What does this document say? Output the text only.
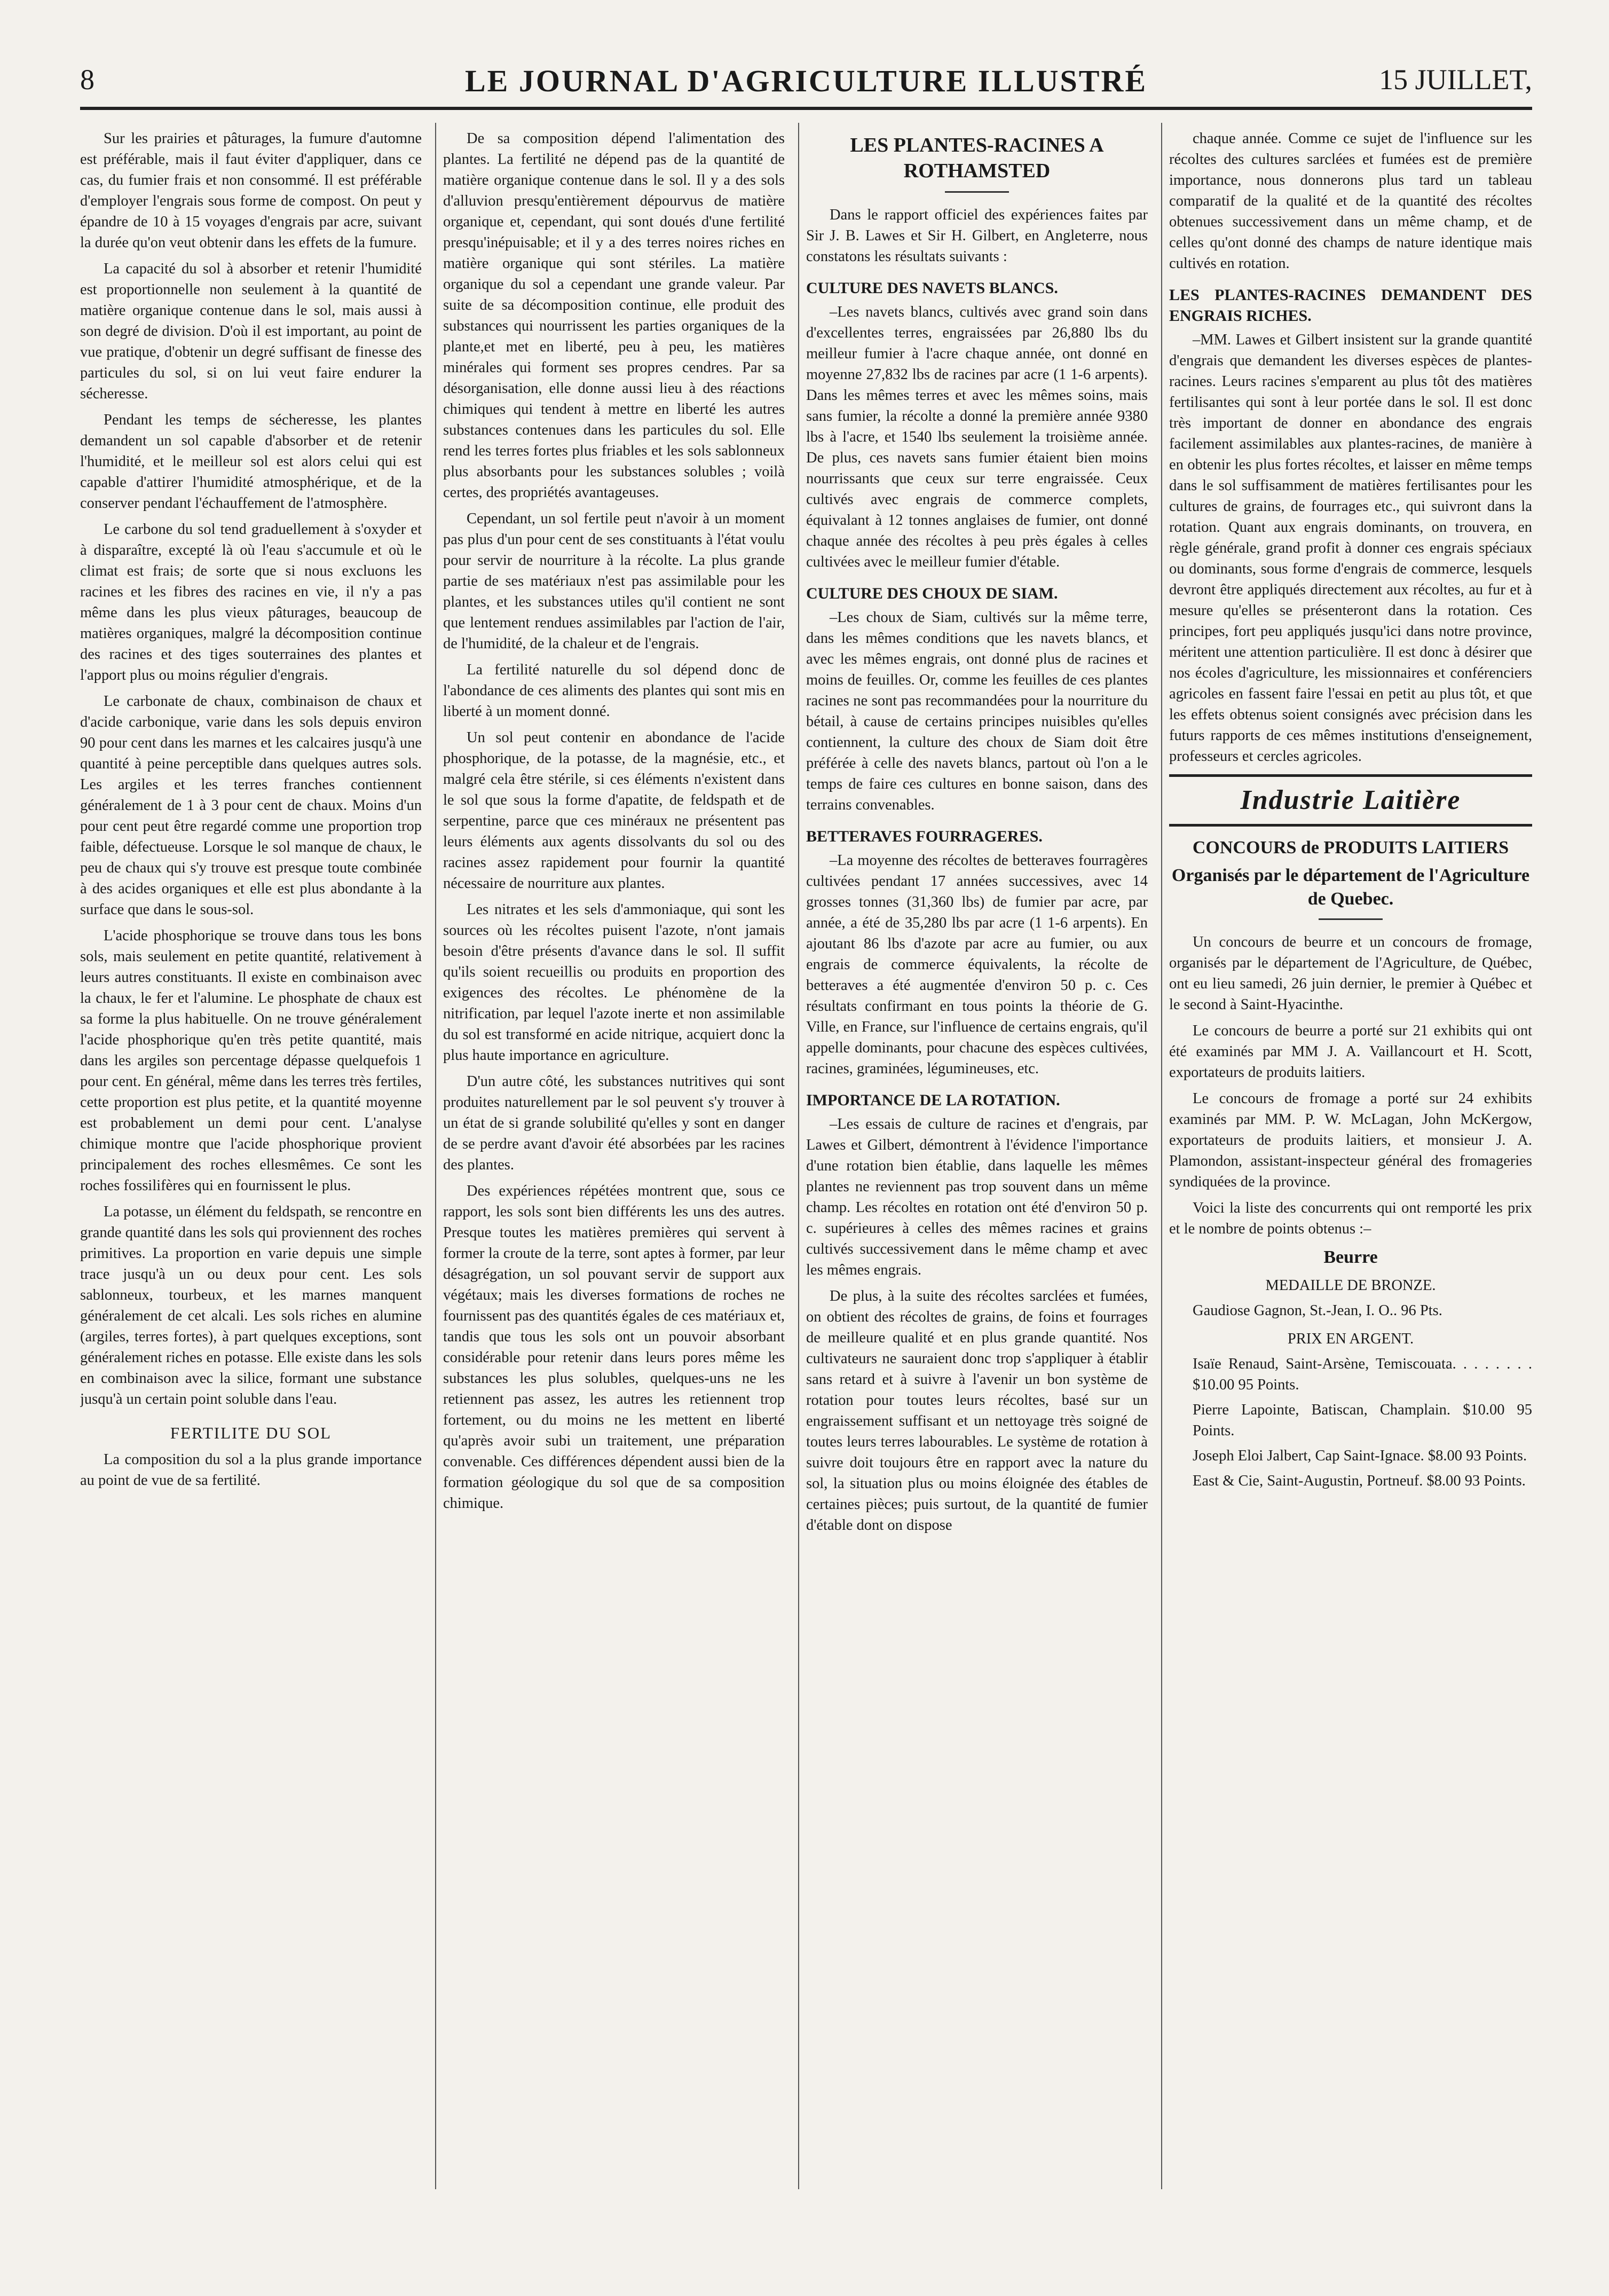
8	LE JOURNAL D'AGRICULTURE ILLUSTRÉ	15 JUILLET,

Sur les prairies et pâturages, la fumure d'automne est préférable, mais il faut éviter d'appliquer, dans ce cas, du fumier frais et non consommé. Il est préférable d'employer l'engrais sous forme de compost. On peut y épandre de 10 à 15 voyages d'engrais par acre, suivant la durée qu'on veut obtenir dans les effets de la fumure.

La capacité du sol à absorber et retenir l'humidité est proportionnelle non seulement à la quantité de matière organique contenue dans le sol, mais aussi à son degré de division. D'où il est important, au point de vue pratique, d'obtenir un degré suffisant de finesse des particules du sol, si on lui veut faire endurer la sécheresse.

Pendant les temps de sécheresse, les plantes demandent un sol capable d'absorber et de retenir l'humidité, et le meilleur sol est alors celui qui est capable d'attirer l'humidité atmosphérique, et de la conserver pendant l'échauffement de l'atmosphère.

Le carbone du sol tend graduellement à s'oxyder et à disparaître, excepté là où l'eau s'accumule et où le climat est frais; de sorte que si nous excluons les racines et les fibres des racines en vie, il n'y a pas même dans les plus vieux pâturages, beaucoup de matières organiques, malgré la décomposition continue des racines et des tiges souterraines des plantes et l'apport plus ou moins régulier d'engrais.

Le carbonate de chaux, combinaison de chaux et d'acide carbonique, varie dans les sols depuis environ 90 pour cent dans les marnes et les calcaires jusqu'à une quantité à peine perceptible dans quelques autres sols. Les argiles et les terres franches contiennent généralement de 1 à 3 pour cent de chaux. Moins d'un pour cent peut être regardé comme une proportion trop faible, défectueuse. Lorsque le sol manque de chaux, le peu de chaux qui s'y trouve est presque toute combinée à des acides organiques et elle est plus abondante à la surface que dans le sous-sol.

L'acide phosphorique se trouve dans tous les bons sols, mais seulement en petite quantité, relativement à leurs autres constituants. Il existe en combinaison avec la chaux, le fer et l'alumine. Le phosphate de chaux est sa forme la plus habituelle. On ne trouve généralement l'acide phosphorique qu'en très petite quantité, mais dans les argiles son percentage dépasse quelquefois 1 pour cent. En général, même dans les terres très fertiles, cette proportion est plus petite, et la quantité moyenne est probablement un demi pour cent. L'analyse chimique montre que l'acide phosphorique provient principalement des roches ellesmêmes. Ce sont les roches fossilifères qui en fournissent le plus.

La potasse, un élément du feldspath, se rencontre en grande quantité dans les sols qui proviennent des roches primitives. La proportion en varie depuis une simple trace jusqu'à un ou deux pour cent. Les sols sablonneux, tourbeux, et les marnes manquent généralement de cet alcali. Les sols riches en alumine (argiles, terres fortes), à part quelques exceptions, sont généralement riches en potasse. Elle existe dans les sols en combinaison avec la silice, formant une substance jusqu'à un certain point soluble dans l'eau.

FERTILITE DU SOL

La composition du sol a la plus grande importance au point de vue de sa fertilité.

De sa composition dépend l'alimentation des plantes. La fertilité ne dépend pas de la quantité de matière organique contenue dans le sol. Il y a des sols d'alluvion presqu'entièrement dépourvus de matière organique et, cependant, qui sont doués d'une fertilité presqu'inépuisable; et il y a des terres noires riches en matière organique qui sont stériles. La matière organique du sol a cependant une grande valeur. Par suite de sa décomposition continue, elle produit des substances qui nourrissent les parties organiques de la plante,et met en liberté, peu à peu, les matières minérales qui forment ses propres cendres. Par sa désorganisation, elle donne aussi lieu à des réactions chimiques qui tendent à mettre en liberté les autres substances contenues dans les particules du sol. Elle rend les terres fortes plus friables et les sols sablonneux plus absorbants pour les substances solubles ; voilà certes, des propriétés avantageuses.

Cependant, un sol fertile peut n'avoir à un moment pas plus d'un pour cent de ses constituants à l'état voulu pour servir de nourriture à la récolte. La plus grande partie de ses matériaux n'est pas assimilable pour les plantes, et les substances utiles qu'il contient ne sont que lentement rendues assimilables par l'action de l'air, de l'humidité, de la chaleur et de l'engrais.

La fertilité naturelle du sol dépend donc de l'abondance de ces aliments des plantes qui sont mis en liberté à un moment donné.

Un sol peut contenir en abondance de l'acide phosphorique, de la potasse, de la magnésie, etc., et malgré cela être stérile, si ces éléments n'existent dans le sol que sous la forme d'apatite, de feldspath et de serpentine, parce que ces minéraux ne présentent pas leurs éléments aux agents dissolvants du sol ou des racines assez rapidement pour fournir la quantité nécessaire de nourriture aux plantes.

Les nitrates et les sels d'ammoniaque, qui sont les sources où les récoltes puisent l'azote, n'ont jamais besoin d'être présents d'avance dans le sol. Il suffit qu'ils soient recueillis ou produits en proportion des exigences des récoltes. Le phénomène de la nitrification, par lequel l'azote inerte et non assimilable du sol est transformé en acide nitrique, acquiert donc la plus haute importance en agriculture.

D'un autre côté, les substances nutritives qui sont produites naturellement par le sol peuvent s'y trouver à un état de si grande solubilité qu'elles y sont en danger de se perdre avant d'avoir été absorbées par les racines des plantes.

Des expériences répétées montrent que, sous ce rapport, les sols sont bien différents les uns des autres. Presque toutes les matières premières qui servent à former la croute de la terre, sont aptes à former, par leur désagrégation, un sol pouvant servir de support aux végétaux; mais les diverses formations de roches ne fournissent pas des quantités égales de ces matériaux et, tandis que tous les sols ont un pouvoir absorbant considérable pour retenir dans leurs pores même les substances les plus solubles, quelques-uns ne les retiennent pas assez, les autres les retiennent trop fortement, ou du moins ne les mettent en liberté qu'après avoir subi un traitement, une préparation convenable. Ces différences dépendent aussi bien de la formation géologique du sol que de sa composition chimique.

LES PLANTES-RACINES A ROTHAMSTED

Dans le rapport officiel des expériences faites par Sir J. B. Lawes et Sir H. Gilbert, en Angleterre, nous constatons les résultats suivants :

CULTURE DES NAVETS BLANCS.

–Les navets blancs, cultivés avec grand soin dans d'excellentes terres, engraissées par 26,880 lbs du meilleur fumier à l'acre chaque année, ont donné en moyenne 27,832 lbs de racines par acre (1 1-6 arpents). Dans les mêmes terres et avec les mêmes soins, mais sans fumier, la récolte a donné la première année 9380 lbs à l'acre, et 1540 lbs seulement la troisième année. De plus, ces navets sans fumier étaient bien moins nourrissants que ceux sur terre engraissée. Ceux cultivés avec engrais de commerce complets, équivalant à 12 tonnes anglaises de fumier, ont donné chaque année des récoltes à peu près égales à celles cultivées avec le meilleur fumier d'étable.

CULTURE DES CHOUX DE SIAM.

–Les choux de Siam, cultivés sur la même terre, dans les mêmes conditions que les navets blancs, et avec les mêmes engrais, ont donné plus de racines et moins de feuilles. Or, comme les feuilles de ces plantes racines ne sont pas recommandées pour la nourriture du bétail, à cause de certains principes nuisibles qu'elles contiennent, la culture des choux de Siam doit être préférée à celle des navets blancs, partout où l'on a le temps de faire ces cultures en bonne saison, dans des terrains convenables.

BETTERAVES FOURRAGERES.

–La moyenne des récoltes de betteraves fourragères cultivées pendant 17 années successives, avec 14 grosses tonnes (31,360 lbs) de fumier par acre, par année, a été de 35,280 lbs par acre (1 1-6 arpents). En ajoutant 86 lbs d'azote par acre au fumier, ou aux engrais de commerce équivalents, la récolte de betteraves a été augmentée d'environ 50 p. c. Ces résultats confirmant en tous points la théorie de G. Ville, en France, sur l'influence de certains engrais, qu'il appelle dominants, pour chacune des espèces cultivées, racines, graminées, légumineuses, etc.

IMPORTANCE DE LA ROTATION.

–Les essais de culture de racines et d'engrais, par Lawes et Gilbert, démontrent à l'évidence l'importance d'une rotation bien établie, dans laquelle les mêmes plantes ne reviennent pas trop souvent dans un même champ. Les récoltes en rotation ont été d'environ 50 p. c. supérieures à celles des mêmes racines et grains cultivés successivement dans le même champ et avec les mêmes engrais.

De plus, à la suite des récoltes sarclées et fumées, on obtient des récoltes de grains, de foins et fourrages de meilleure qualité et en plus grande quantité. Nos cultivateurs ne sauraient donc trop s'appliquer à établir sans retard et à suivre à l'avenir un bon système de rotation pour toutes leurs récoltes, basé sur un engraissement suffisant et un nettoyage très soigné de toutes leurs terres labourables. Le système de rotation à suivre doit toujours être en rapport avec la nature du sol, la situation plus ou moins éloignée des étables de certaines pièces; puis surtout, de la quantité de fumier d'étable dont on dispose

chaque année. Comme ce sujet de l'influence sur les récoltes des cultures sarclées et fumées est de première importance, nous donnerons plus tard un tableau comparatif de la qualité et de la quantité des récoltes obtenues successivement dans un même champ, et de celles qu'ont donné des champs de nature identique mais cultivés en rotation.

LES PLANTES-RACINES DEMANDENT DES ENGRAIS RICHES.

–MM. Lawes et Gilbert insistent sur la grande quantité d'engrais que demandent les diverses espèces de plantes-racines. Leurs racines s'emparent au plus tôt des matières fertilisantes qui sont à leur portée dans le sol. Il est donc très important de donner en abondance des engrais facilement assimilables aux plantes-racines, de manière à en obtenir les plus fortes récoltes, et laisser en même temps dans le sol suffisamment de matières fertilisantes pour les cultures de grains, de fourrages etc., qui suivront dans la rotation. Quant aux engrais dominants, on trouvera, en règle générale, grand profit à donner ces engrais spéciaux ou dominants, sous forme d'engrais de commerce, lesquels devront être appliqués directement aux récoltes, au fur et à mesure qu'elles se présenteront dans la rotation. Ces principes, fort peu appliqués jusqu'ici dans notre province, méritent une attention particulière. Il est donc à désirer que nos écoles d'agriculture, les missionnaires et conférenciers agricoles en fassent faire l'essai en petit au plus tôt, et que les effets obtenus soient consignés avec précision dans les futurs rapports de ces mêmes institutions d'enseignement, professeurs et cercles agricoles.

Industrie Laitière
CONCOURS de PRODUITS LAITIERS
Organisés par le département de l'Agriculture de Quebec.

Un concours de beurre et un concours de fromage, organisés par le département de l'Agriculture, de Québec, ont eu lieu samedi, 26 juin dernier, le premier à Québec et le second à Saint-Hyacinthe.

Le concours de beurre a porté sur 21 exhibits qui ont été examinés par MM J. A. Vaillancourt et H. Scott, exportateurs de produits laitiers.

Le concours de fromage a porté sur 24 exhibits examinés par MM. P. W. McLagan, John McKergow, exportateurs de produits laitiers, et monsieur J. A. Plamondon, assistant-inspecteur général des fromageries syndiquées de la province.

Voici la liste des concurrents qui ont remporté les prix et le nombre de points obtenus :–

Beurre

MEDAILLE DE BRONZE.

Gaudiose Gagnon, St.-Jean, I. O.. 96 Pts.

PRIX EN ARGENT.

Isaïe Renaud, Saint-Arsène, Temiscouata. . . . . . . . $10.00 95 Points.

Pierre Lapointe, Batiscan, Champlain. $10.00 95 Points.

Joseph Eloi Jalbert, Cap Saint-Ignace. $8.00 93 Points.

East & Cie, Saint-Augustin, Portneuf. $8.00 93 Points.
